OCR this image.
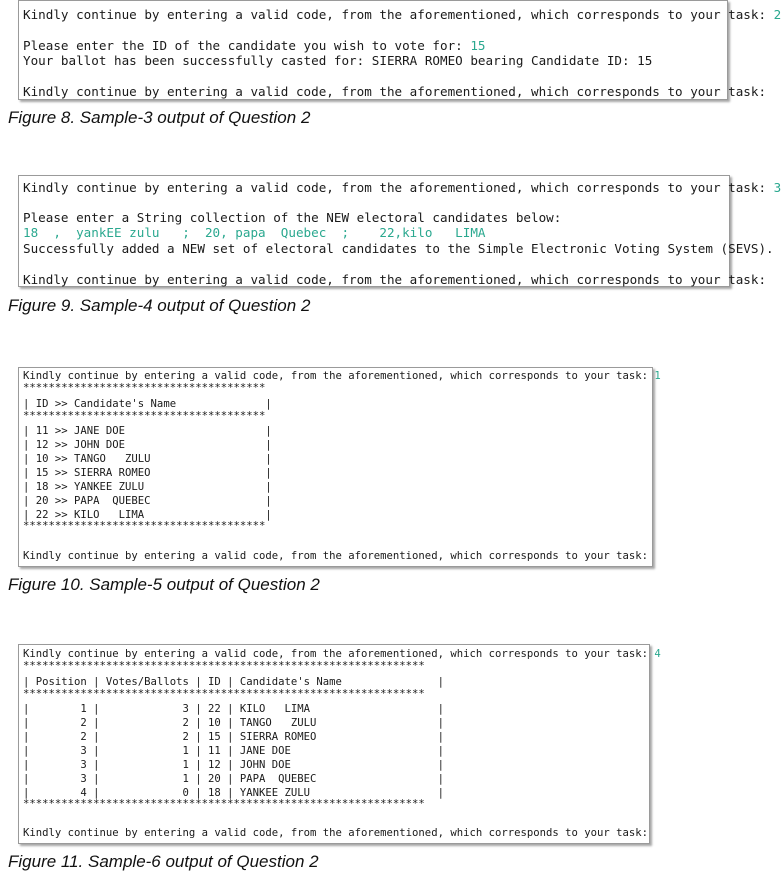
Kindly continue by entering a valid code, from the aforementioned, which corresponds to your task: 2
Please enter the ID of the candidate you wish to vote for: 15
Your ballot has been successfully casted for: SIERRA ROMEO bearing Candidate ID: 15
Kindly continue by entering a valid code, from the aforementioned, which corresponds to your task:
Figure 8. Sample-3 output of Question 2
Kindly continue by entering a valid code, from the aforementioned, which corresponds to your task: 3
Please enter a String collection of the NEW electoral candidates below:
18  ,  yankEE zulu   ;  20, papa  Quebec  ;    22,kilo   LIMA
Successfully added a NEW set of electoral candidates to the Simple Electronic Voting System (SEVS).
Kindly continue by entering a valid code, from the aforementioned, which corresponds to your task:
Figure 9. Sample-4 output of Question 2
Kindly continue by entering a valid code, from the aforementioned, which corresponds to your task: 1
**************************************
| ID >> Candidate's Name              |
**************************************
| 11 >> JANE DOE                      |
| 12 >> JOHN DOE                      |
| 10 >> TANGO   ZULU                  |
| 15 >> SIERRA ROMEO                  |
| 18 >> YANKEE ZULU                   |
| 20 >> PAPA  QUEBEC                  |
| 22 >> KILO   LIMA                   |
**************************************
Kindly continue by entering a valid code, from the aforementioned, which corresponds to your task:
Figure 10. Sample-5 output of Question 2
Kindly continue by entering a valid code, from the aforementioned, which corresponds to your task: 4
***************************************************************
| Position | Votes/Ballots | ID | Candidate's Name               |
***************************************************************
|        1 |             3 | 22 | KILO   LIMA                    |
|        2 |             2 | 10 | TANGO   ZULU                   |
|        2 |             2 | 15 | SIERRA ROMEO                   |
|        3 |             1 | 11 | JANE DOE                       |
|        3 |             1 | 12 | JOHN DOE                       |
|        3 |             1 | 20 | PAPA  QUEBEC                   |
|        4 |             0 | 18 | YANKEE ZULU                    |
***************************************************************
Kindly continue by entering a valid code, from the aforementioned, which corresponds to your task:
Figure 11. Sample-6 output of Question 2
